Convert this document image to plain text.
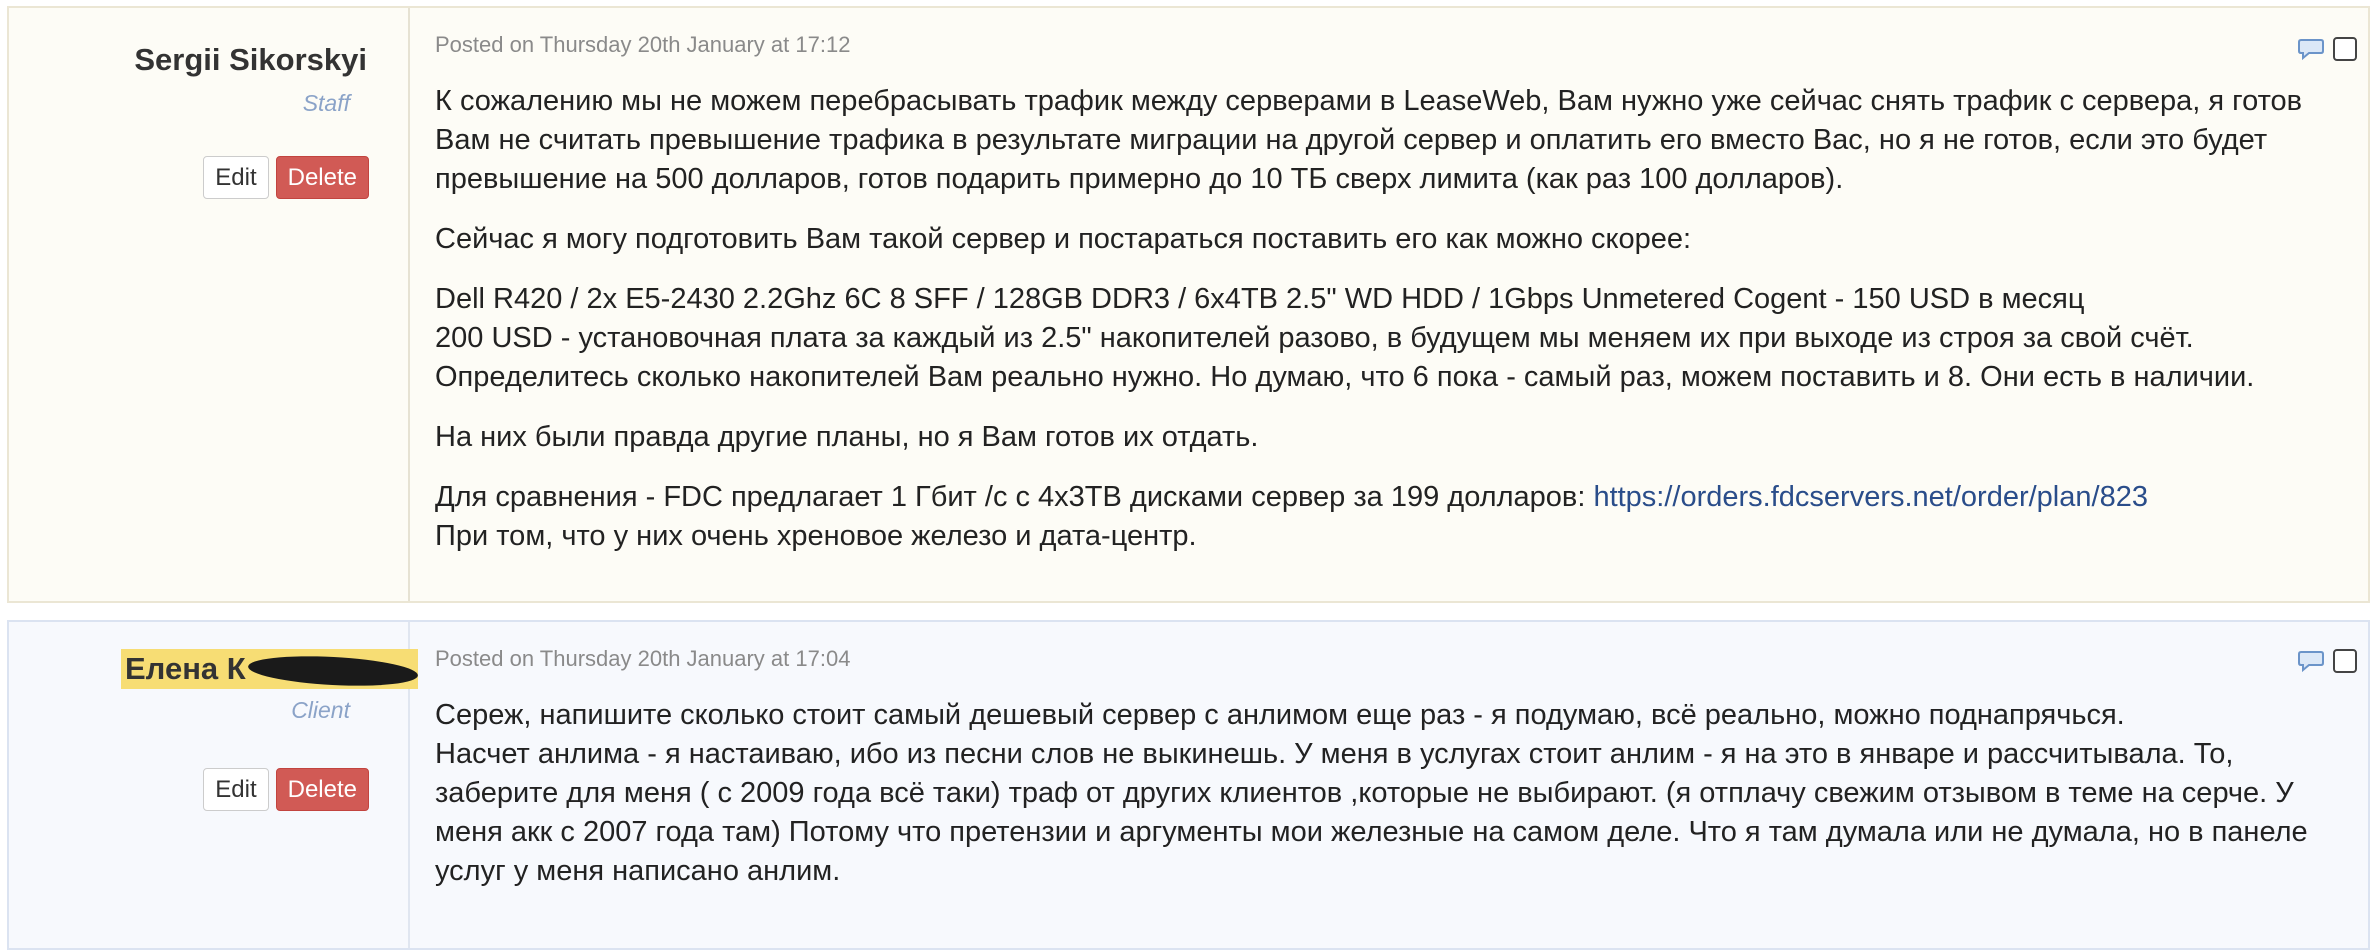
Sergii Sikorskyi
Staff
Edit	Delete
Posted on Thursday 20th January at 17:12

К сожалению мы не можем перебрасывать трафик между серверами в LeaseWeb, Вам нужно уже сейчас снять трафик с сервера, я готов Вам не считать превышение трафика в результате миграции на другой сервер и оплатить его вместо Вас, но я не готов, если это будет превышение на 500 долларов, готов подарить примерно до 10 ТБ сверх лимита (как раз 100 долларов).

Сейчас я могу подготовить Вам такой сервер и постараться поставить его как можно скорее:

Dell R420 / 2x E5-2430 2.2Ghz 6C 8 SFF / 128GB DDR3 / 6x4TB 2.5" WD HDD / 1Gbps Unmetered Cogent - 150 USD в месяц
200 USD - установочная плата за каждый из 2.5" накопителей разово, в будущем мы меняем их при выходе из строя за свой счёт.
Определитесь сколько накопителей Вам реально нужно. Но думаю, что 6 пока - самый раз, можем поставить и 8. Они есть в наличии.

На них были правда другие планы, но я Вам готов их отдать.

Для сравнения - FDC предлагает 1 Гбит /с с 4x3TB дисками сервер за 199 долларов: https://orders.fdcservers.net/order/plan/823
При том, что у них очень хреновое железо и дата-центр.

Елена К
Client
Edit	Delete
Posted on Thursday 20th January at 17:04
Сереж, напишите сколько стоит самый дешевый сервер с анлимом еще раз - я подумаю, всё реально, можно поднапрячься.
Насчет анлима - я настаиваю, ибо из песни слов не выкинешь. У меня в услугах стоит анлим - я на это в январе и рассчитывала. То, заберите для меня ( с 2009 года всё таки) траф от других клиентов ,которые не выбирают. (я отплачу свежим отзывом в теме на серче. У меня акк с 2007 года там) Потому что претензии и аргументы мои железные на самом деле. Что я там думала или не думала, но в панеле услуг у меня написано анлим.
